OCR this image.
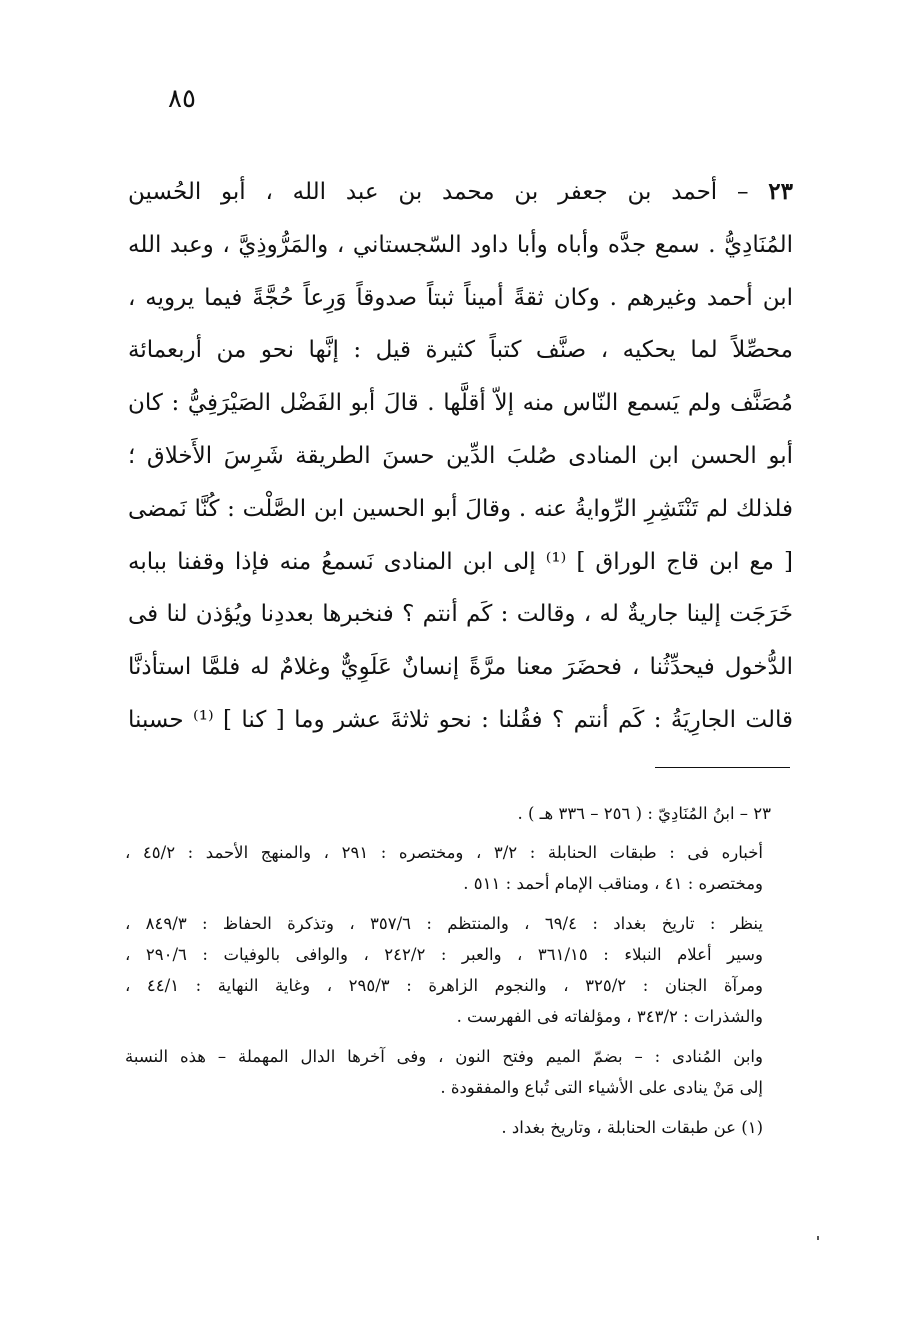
٨٥
٢٣ – أحمد بن جعفر بن محمد بن عبد الله ، أبو الحُسين
المُنَادِيُّ . سمع جدَّه وأباه وأبا داود السّجستاني ، والمَرُّوذِيَّ ، وعبد الله
ابن أحمد وغيرهم . وكان ثقةً أميناً ثبتاً صدوقاً وَرِعاً حُجَّةً فيما يرويه ،
محصِّلاً لما يحكيه ، صنَّف كتباً كثيرة قيل : إنَّها نحو من أربعمائة
مُصَنَّف ولم يَسمع النّاس منه إلاّ أقلَّها . قالَ أبو الفَضْل الصَيْرَفِيُّ : كان
أبو الحسن ابن المنادى صُلبَ الدِّين حسنَ الطريقة شَرِسَ الأَخلاق ؛
فلذلك لم تَنْتَشِرِ الرِّوايةُ عنه . وقالَ أبو الحسين ابن الصَّلْت : كُنَّا نَمضى
[ مع ابن قاج الوراق ] ⁽¹⁾ إلى ابن المنادى نَسمعُ منه فإذا وقفنا ببابه
خَرَجَت إلينا جاريةٌ له ، وقالت : كَم أنتم ؟ فنخبرها بعددِنا ويُؤذن لنا فى
الدُّخول فيحدِّثُنا ، فحضَرَ معنا مرَّةً إنسانٌ عَلَوِيٌّ وغلامٌ له فلمَّا استأذنَّا
قالت الجارِيَةُ : كَم أنتم ؟ فقُلنا : نحو ثلاثةَ عشر وما [ كنا ] ⁽¹⁾ حسبنا
٢٣ – ابنُ المُنَادِيّ : ( ٢٥٦ – ٣٣٦ هـ ) .
أخباره فى : طبقات الحنابلة : ٣/٢ ، ومختصره : ٢٩١ ، والمنهج الأحمد : ٤٥/٢ ،
ومختصره : ٤١ ، ومناقب الإمام أحمد : ٥١١ .
ينظر : تاريخ بغداد : ٦٩/٤ ، والمنتظم : ٣٥٧/٦ ، وتذكرة الحفاظ : ٨٤٩/٣ ،
وسير أعلام النبلاء : ٣٦١/١٥ ، والعبر : ٢٤٢/٢ ، والوافى بالوفيات : ٢٩٠/٦ ،
ومرآة الجنان : ٣٢٥/٢ ، والنجوم الزاهرة : ٢٩٥/٣ ، وغاية النهاية : ٤٤/١ ،
والشذرات : ٣٤٣/٢ ، ومؤلفاته فى الفهرست .
وابن المُنادى : – بضمّ الميم وفتح النون ، وفى آخرها الدال المهملة – هذه النسبة
إلى مَنْ ينادى على الأشياء التى تُباع والمفقودة .
(١) عن طبقات الحنابلة ، وتاريخ بغداد .
